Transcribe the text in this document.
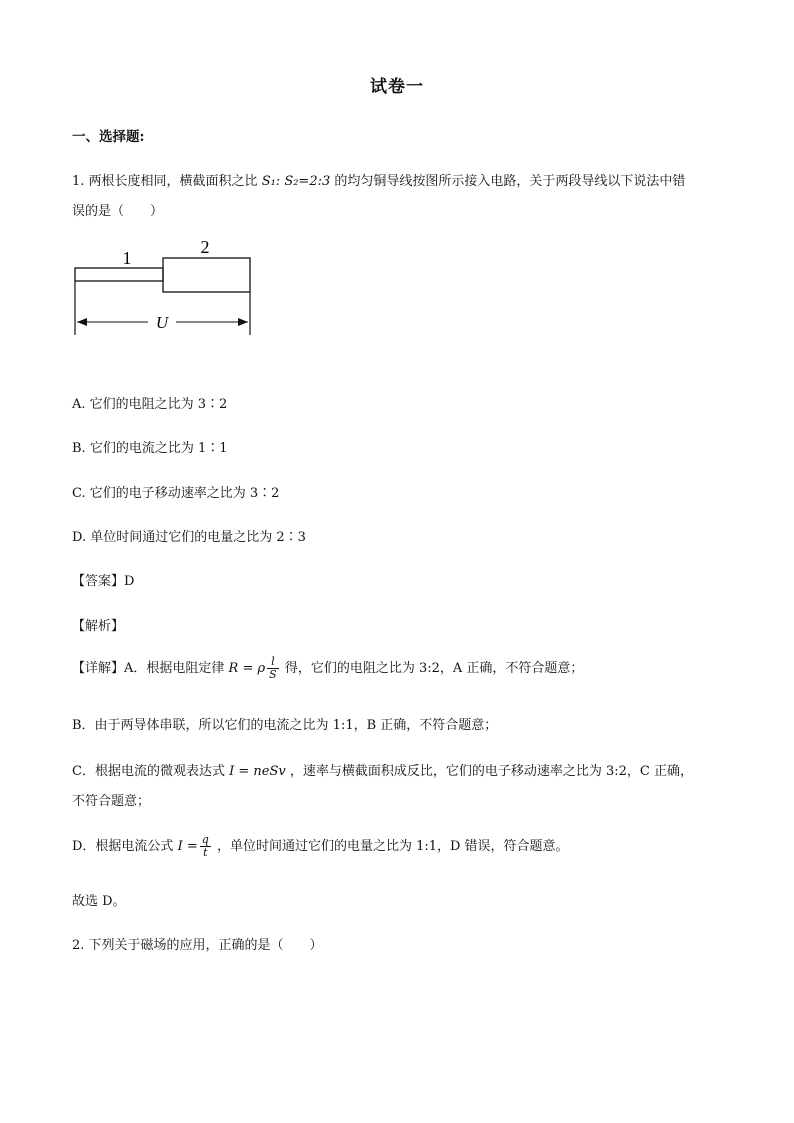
试卷一
一、选择题:
1. 两根长度相同，横截面积之比 S₁: S₂=2:3 的均匀铜导线按图所示接入电路，关于两段导线以下说法中错
误的是（　　）
1
2
U
A. 它们的电阻之比为 3∶2
B. 它们的电流之比为 1∶1
C. 它们的电子移动速率之比为 3∶2
D. 单位时间通过它们的电量之比为 2∶3
【答案】D
【解析】
【详解】A．根据电阻定律 R = ρ $\frac{l}{S}$ 得，它们的电阻之比为 3:2，A 正确，不符合题意；
B．由于两导体串联，所以它们的电流之比为 1:1，B 正确，不符合题意；
C．根据电流的微观表达式 I = neSv ，速率与横截面积成反比，它们的电子移动速率之比为 3:2，C 正确，
不符合题意；
D．根据电流公式 $I = \frac{q}{t}$ ，单位时间通过它们的电量之比为 1:1，D 错误，符合题意。
故选 D。
2. 下列关于磁场的应用，正确的是（　　）
